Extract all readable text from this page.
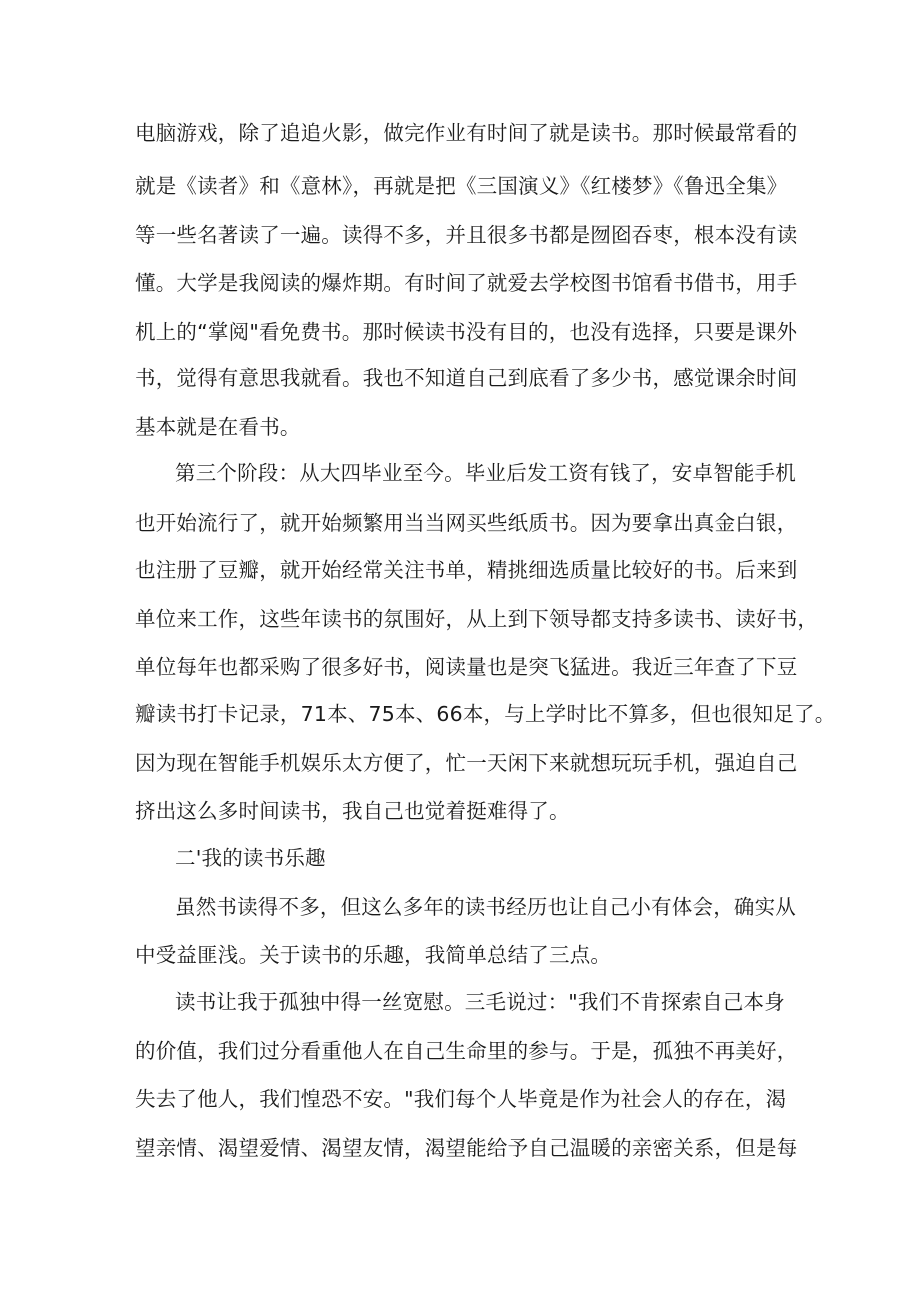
电脑游戏，除了追追火影，做完作业有时间了就是读书。那时候最常看的
就是《读者》和《意林》，再就是把《三国演义》《红楼梦》《鲁迅全集》
等一些名著读了一遍。读得不多，并且很多书都是囫囵吞枣，根本没有读
懂。大学是我阅读的爆炸期。有时间了就爱去学校图书馆看书借书，用手
机上的“掌阅"看免费书。那时候读书没有目的，也没有选择，只要是课外
书，觉得有意思我就看。我也不知道自己到底看了多少书，感觉课余时间
基本就是在看书。
第三个阶段：从大四毕业至今。毕业后发工资有钱了，安卓智能手机
也开始流行了，就开始频繁用当当网买些纸质书。因为要拿出真金白银，
也注册了豆瓣，就开始经常关注书单，精挑细选质量比较好的书。后来到
单位来工作，这些年读书的氛围好，从上到下领导都支持多读书、读好书，
单位每年也都采购了很多好书，阅读量也是突飞猛进。我近三年查了下豆
瓣读书打卡记录，71本、75本、66本，与上学时比不算多，但也很知足了。
因为现在智能手机娱乐太方便了，忙一天闲下来就想玩玩手机，强迫自己
挤出这么多时间读书，我自己也觉着挺难得了。
二'我的读书乐趣
虽然书读得不多，但这么多年的读书经历也让自己小有体会，确实从
中受益匪浅。关于读书的乐趣，我简单总结了三点。
读书让我于孤独中得一丝宽慰。三毛说过："我们不肯探索自己本身
的价值，我们过分看重他人在自己生命里的参与。于是，孤独不再美好，
失去了他人，我们惶恐不安。"我们每个人毕竟是作为社会人的存在，渴
望亲情、渴望爱情、渴望友情，渴望能给予自己温暖的亲密关系，但是每
